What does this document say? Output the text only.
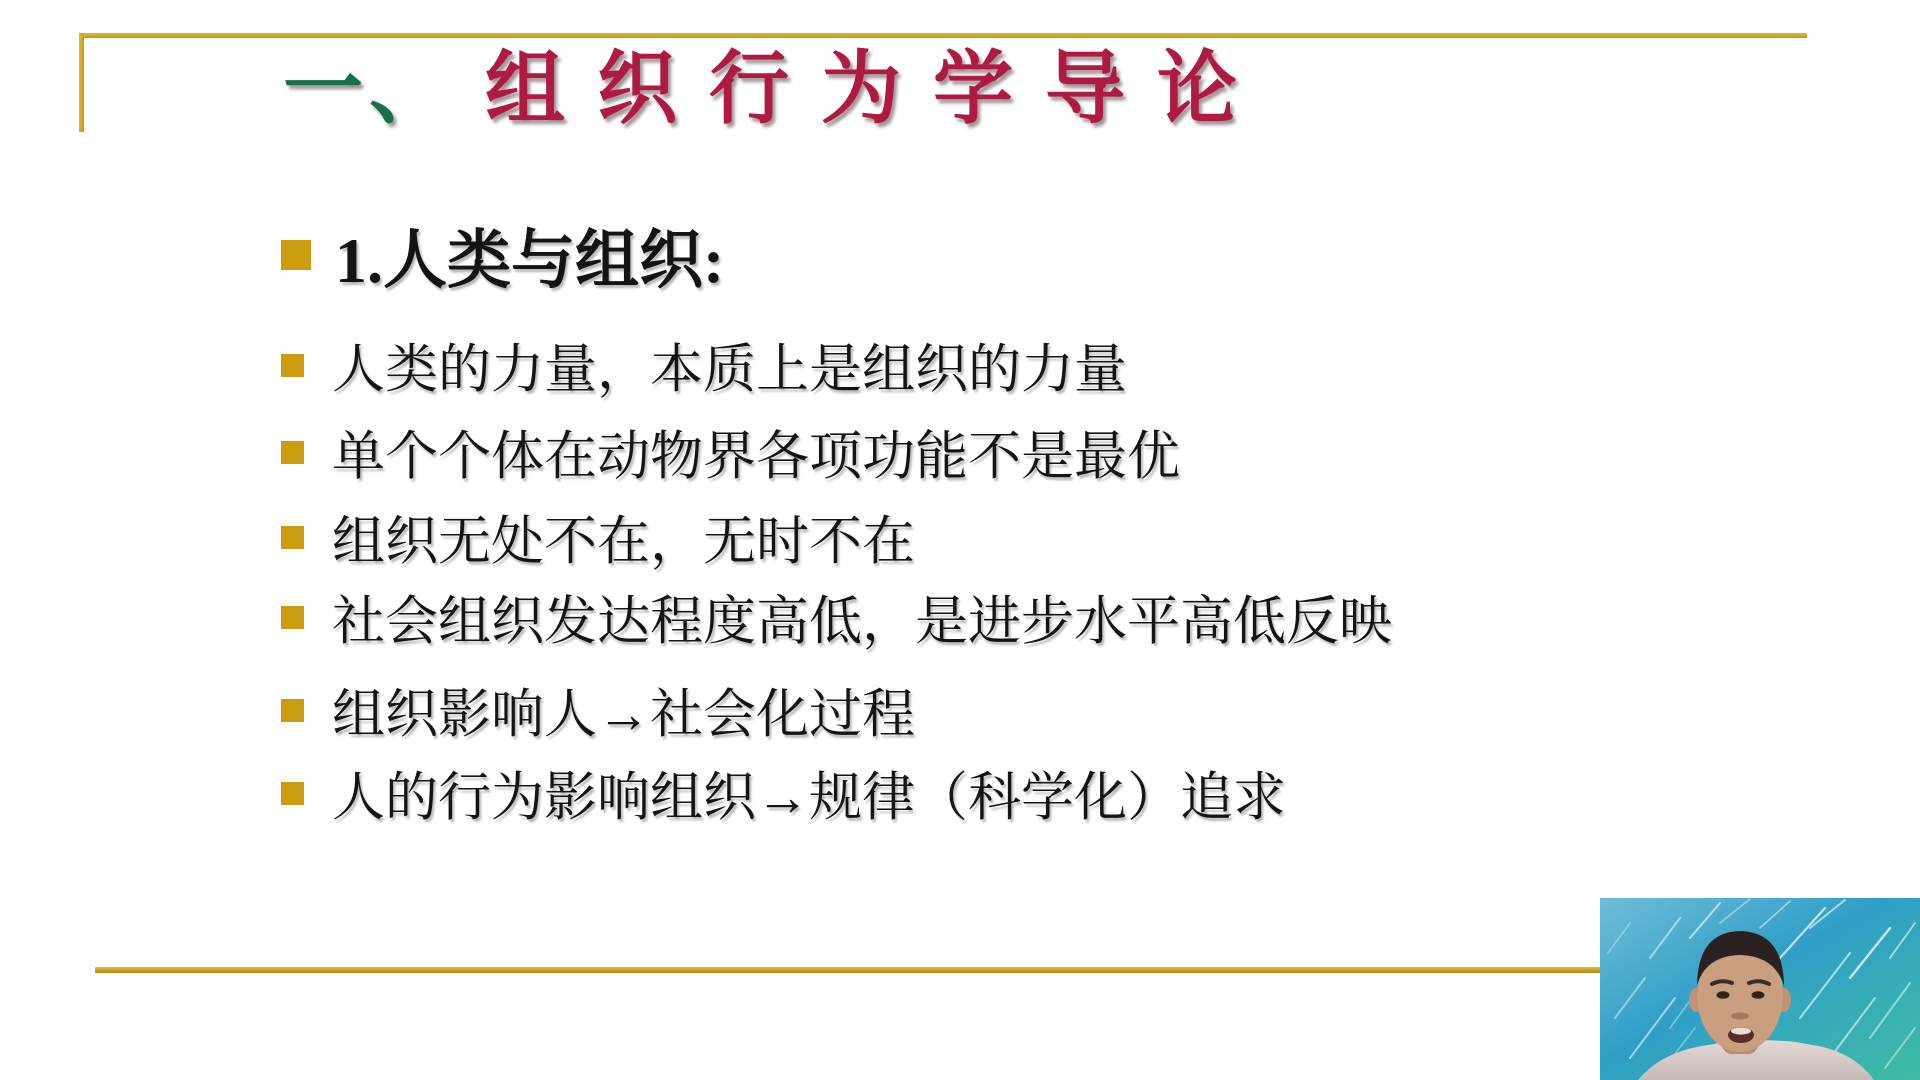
一、 组 织 行 为 学 导 论
1.人类与组织:
人类的力量，本质上是组织的力量
单个个体在动物界各项功能不是最优
组织无处不在，无时不在
社会组织发达程度高低，是进步水平高低反映
组织影响人→社会化过程
人的行为影响组织→规律（科学化）追求
